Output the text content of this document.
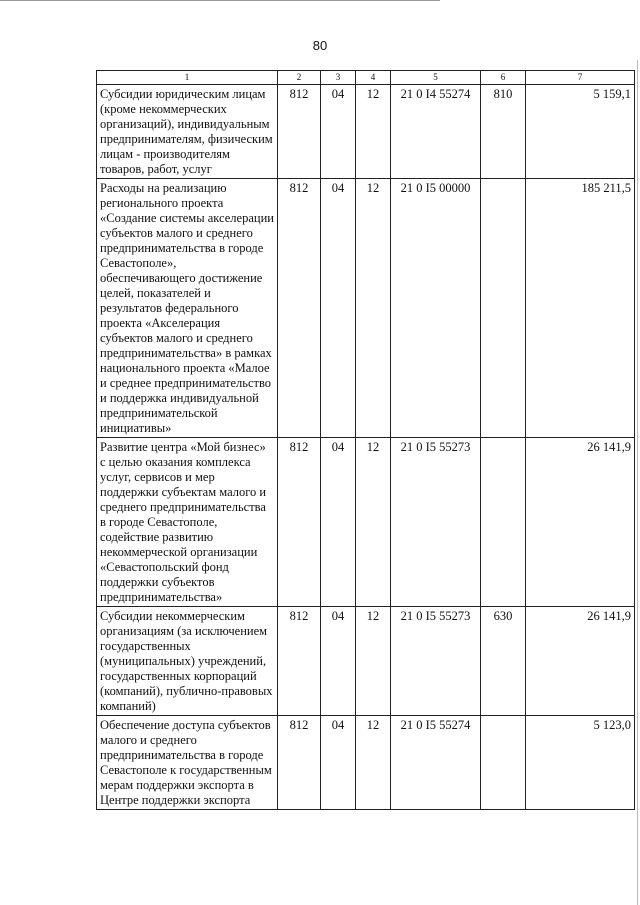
80
1	2	3	4	5	6	7
Субсидии юридическим лицам (кроме некоммерческих организаций), индивидуальным предпринимателям, физическим лицам - производителям товаров, работ, услуг	812	04	12	21 0 I4 55274	810	5 159,1
Расходы на реализацию регионального проекта «Создание системы акселерации субъектов малого и среднего предпринимательства в городе Севастополе», обеспечивающего достижение целей, показателей и результатов федерального проекта «Акселерация субъектов малого и среднего предпринимательства» в рамках национального проекта «Малое и среднее предпринимательство и поддержка индивидуальной предпринимательской инициативы»	812	04	12	21 0 I5 00000		185 211,5
Развитие центра «Мой бизнес» с целью оказания комплекса услуг, сервисов и мер поддержки субъектам малого и среднего предпринимательства в городе Севастополе, содействие развитию некоммерческой организации «Севастопольский фонд поддержки субъектов предпринимательства»	812	04	12	21 0 I5 55273		26 141,9
Субсидии некоммерческим организациям (за исключением государственных (муниципальных) учреждений, государственных корпораций (компаний), публично-правовых компаний)	812	04	12	21 0 I5 55273	630	26 141,9
Обеспечение доступа субъектов малого и среднего предпринимательства в городе Севастополе к государственным мерам поддержки экспорта в Центре поддержки экспорта	812	04	12	21 0 I5 55274		5 123,0
